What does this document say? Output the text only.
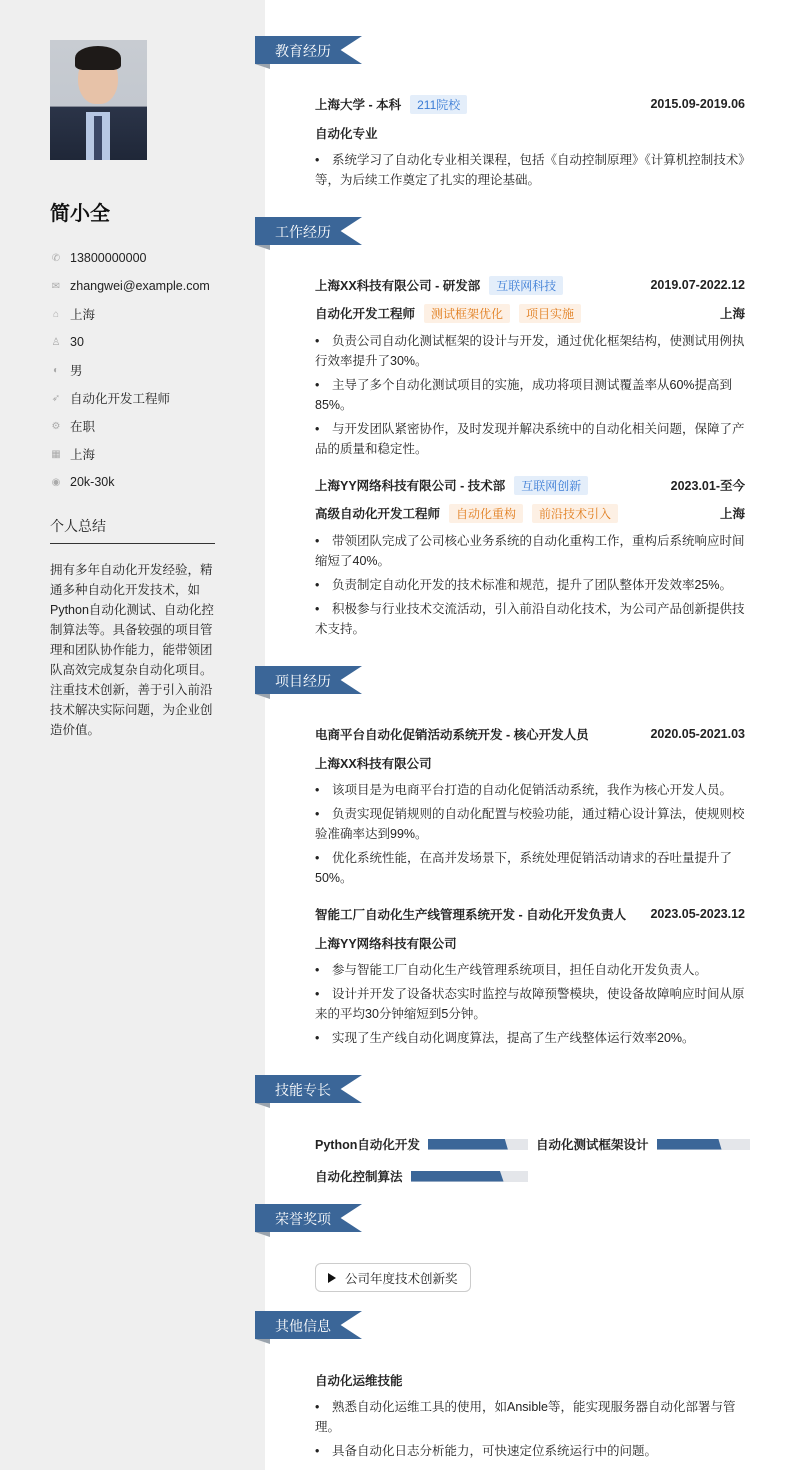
简小全
✆ 13800000000
✉ zhangwei@example.com
⌂ 上海
♙ 30
◐ 男
➶ 自动化开发工程师
⚙ 在职
▦ 上海
◉ 20k-30k
个人总结
拥有多年自动化开发经验，精通多种自动化开发技术，如Python自动化测试、自动化控制算法等。具备较强的项目管理和团队协作能力，能带领团队高效完成复杂自动化项目。注重技术创新，善于引入前沿技术解决实际问题，为企业创造价值。
教育经历
上海大学 - 本科	211院校	2015.09-2019.06
自动化专业
• 系统学习了自动化专业相关课程，包括《自动控制原理》《计算机控制技术》等，为后续工作奠定了扎实的理论基础。
工作经历
上海XX科技有限公司 - 研发部	互联网科技	2019.07-2022.12
自动化开发工程师	测试框架优化	项目实施	上海
• 负责公司自动化测试框架的设计与开发，通过优化框架结构，使测试用例执行效率提升了30%。
• 主导了多个自动化测试项目的实施，成功将项目测试覆盖率从60%提高到85%。
• 与开发团队紧密协作，及时发现并解决系统中的自动化相关问题，保障了产品的质量和稳定性。
上海YY网络科技有限公司 - 技术部	互联网创新	2023.01-至今
高级自动化开发工程师	自动化重构	前沿技术引入	上海
• 带领团队完成了公司核心业务系统的自动化重构工作，重构后系统响应时间缩短了40%。
• 负责制定自动化开发的技术标准和规范，提升了团队整体开发效率25%。
• 积极参与行业技术交流活动，引入前沿自动化技术，为公司产品创新提供技术支持。
项目经历
电商平台自动化促销活动系统开发 - 核心开发人员	2020.05-2021.03
上海XX科技有限公司
• 该项目是为电商平台打造的自动化促销活动系统，我作为核心开发人员。
• 负责实现促销规则的自动化配置与校验功能，通过精心设计算法，使规则校验准确率达到99%。
• 优化系统性能，在高并发场景下，系统处理促销活动请求的吞吐量提升了50%。
智能工厂自动化生产线管理系统开发 - 自动化开发负责人 2023.05-2023.12
上海YY网络科技有限公司
• 参与智能工厂自动化生产线管理系统项目，担任自动化开发负责人。
• 设计并开发了设备状态实时监控与故障预警模块，使设备故障响应时间从原来的平均30分钟缩短到5分钟。
• 实现了生产线自动化调度算法，提高了生产线整体运行效率20%。
技能专长
Python自动化开发	自动化测试框架设计
自动化控制算法
荣誉奖项
公司年度技术创新奖
其他信息
自动化运维技能
• 熟悉自动化运维工具的使用，如Ansible等，能实现服务器自动化部署与管理。
• 具备自动化日志分析能力，可快速定位系统运行中的问题。
